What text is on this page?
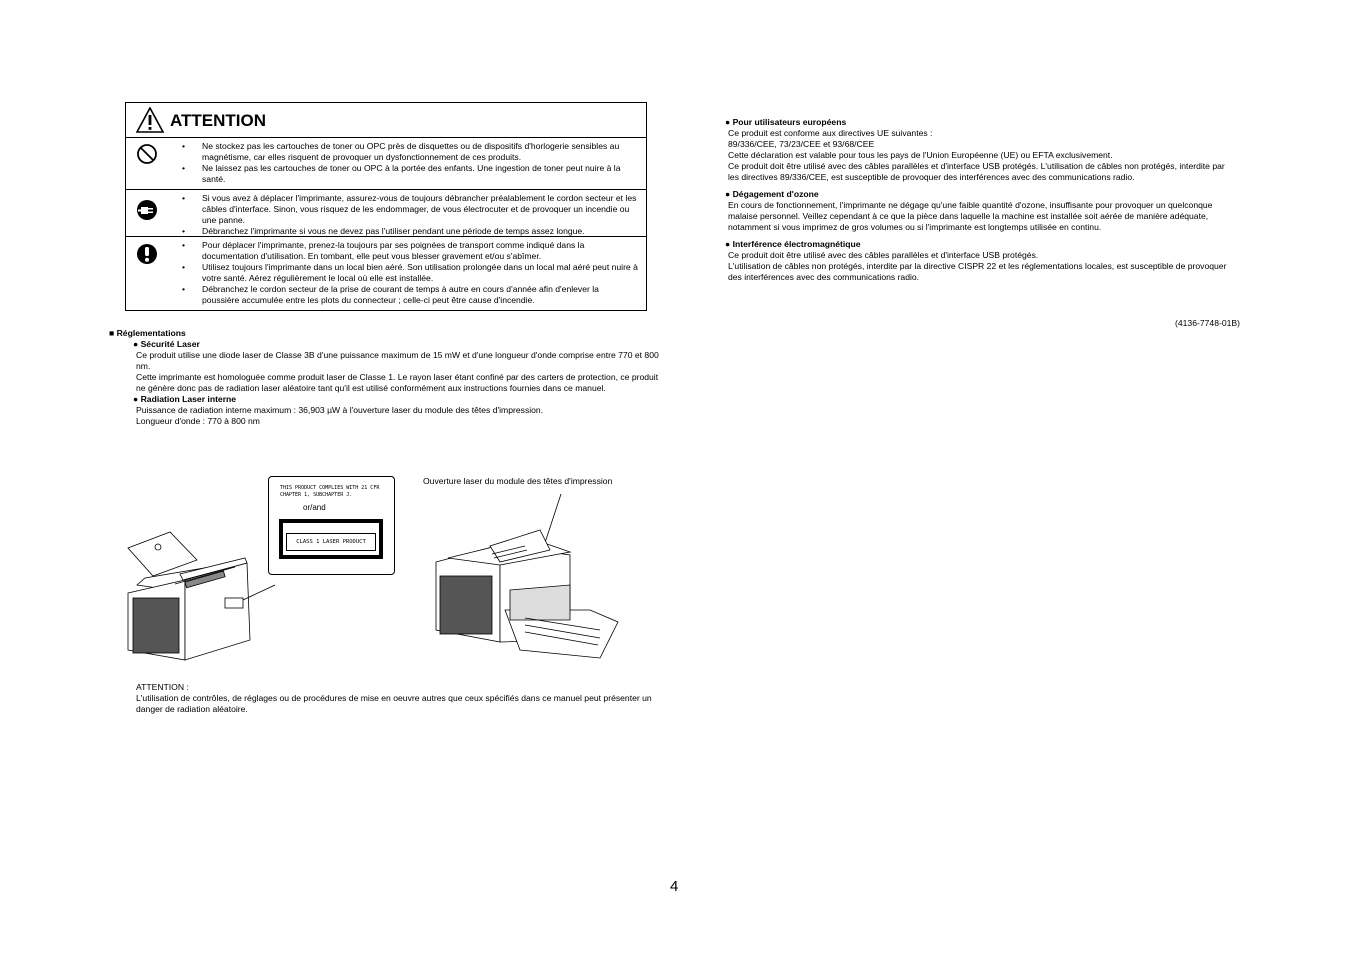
ATTENTION
• Ne stockez pas les cartouches de toner ou OPC près de disquettes ou de dispositifs d'horlogerie sensibles au magnétisme, car elles risquent de provoquer un dysfonctionnement de ces produits.
• Ne laissez pas les cartouches de toner ou OPC à la portée des enfants. Une ingestion de toner peut nuire à la santé.
• Si vous avez à déplacer l'imprimante, assurez-vous de toujours débrancher préalablement le cordon secteur et les câbles d'interface. Sinon, vous risquez de les endommager, de vous électrocuter et de provoquer un incendie ou une panne.
• Débranchez l'imprimante si vous ne devez pas l'utiliser pendant une période de temps assez longue.
• Pour déplacer l'imprimante, prenez-la toujours par ses poignées de transport comme indiqué dans la documentation d'utilisation. En tombant, elle peut vous blesser gravement et/ou s'abîmer.
• Utilisez toujours l'imprimante dans un local bien aéré. Son utilisation prolongée dans un local mal aéré peut nuire à votre santé. Aérez régulièrement le local où elle est installée.
• Débranchez le cordon secteur de la prise de courant de temps à autre en cours d'année afin d'enlever la poussière accumulée entre les plots du connecteur ; celle-ci peut être cause d'incendie.

■ Réglementations

● Sécurité Laser

Ce produit utilise une diode laser de Classe 3B d'une puissance maximum de 15 mW et d'une longueur d'onde comprise entre 770 et 800 nm.

Cette imprimante est homologuée comme produit laser de Classe 1. Le rayon laser étant confiné par des carters de protection, ce produit ne génère donc pas de radiation laser aléatoire tant qu'il est utilisé conformément aux instructions fournies dans ce manuel.

● Radiation Laser interne

Puissance de radiation interne maximum : 36,903 µW à l'ouverture laser du module des têtes d'impression.

Longueur d'onde : 770 à 800 nm

THIS PRODUCT COMPLIES WITH 21 CFR
CHAPTER 1, SUBCHAPTER J.
or/and
CLASS 1 LASER PRODUCT
Ouverture laser du module des têtes d'impression

ATTENTION :

L'utilisation de contrôles, de réglages ou de procédures de mise en oeuvre autres que ceux spécifiés dans ce manuel peut présenter un danger de radiation aléatoire.

● Pour utilisateurs européens

Ce produit est conforme aux directives UE suivantes :

89/336/CEE, 73/23/CEE et 93/68/CEE

Cette déclaration est valable pour tous les pays de l'Union Européenne (UE) ou EFTA exclusivement.

Ce produit doit être utilisé avec des câbles parallèles et d'interface USB protégés. L'utilisation de câbles non protégés, interdite par les directives 89/336/CEE, est susceptible de provoquer des interférences avec des communications radio.

● Dégagement d'ozone

En cours de fonctionnement, l'imprimante ne dégage qu'une faible quantité d'ozone, insuffisante pour provoquer un quelconque malaise personnel. Veillez cependant à ce que la pièce dans laquelle la machine est installée soit aérée de manière adéquate, notamment si vous imprimez de gros volumes ou si l'imprimante est longtemps utilisée en continu.

● Interférence électromagnétique

Ce produit doit être utilisé avec des câbles parallèles et d'interface USB protégés.

L'utilisation de câbles non protégés, interdite par la directive CISPR 22 et les réglementations locales, est susceptible de provoquer des interférences avec des communications radio.

(4136-7748-01B)
4
